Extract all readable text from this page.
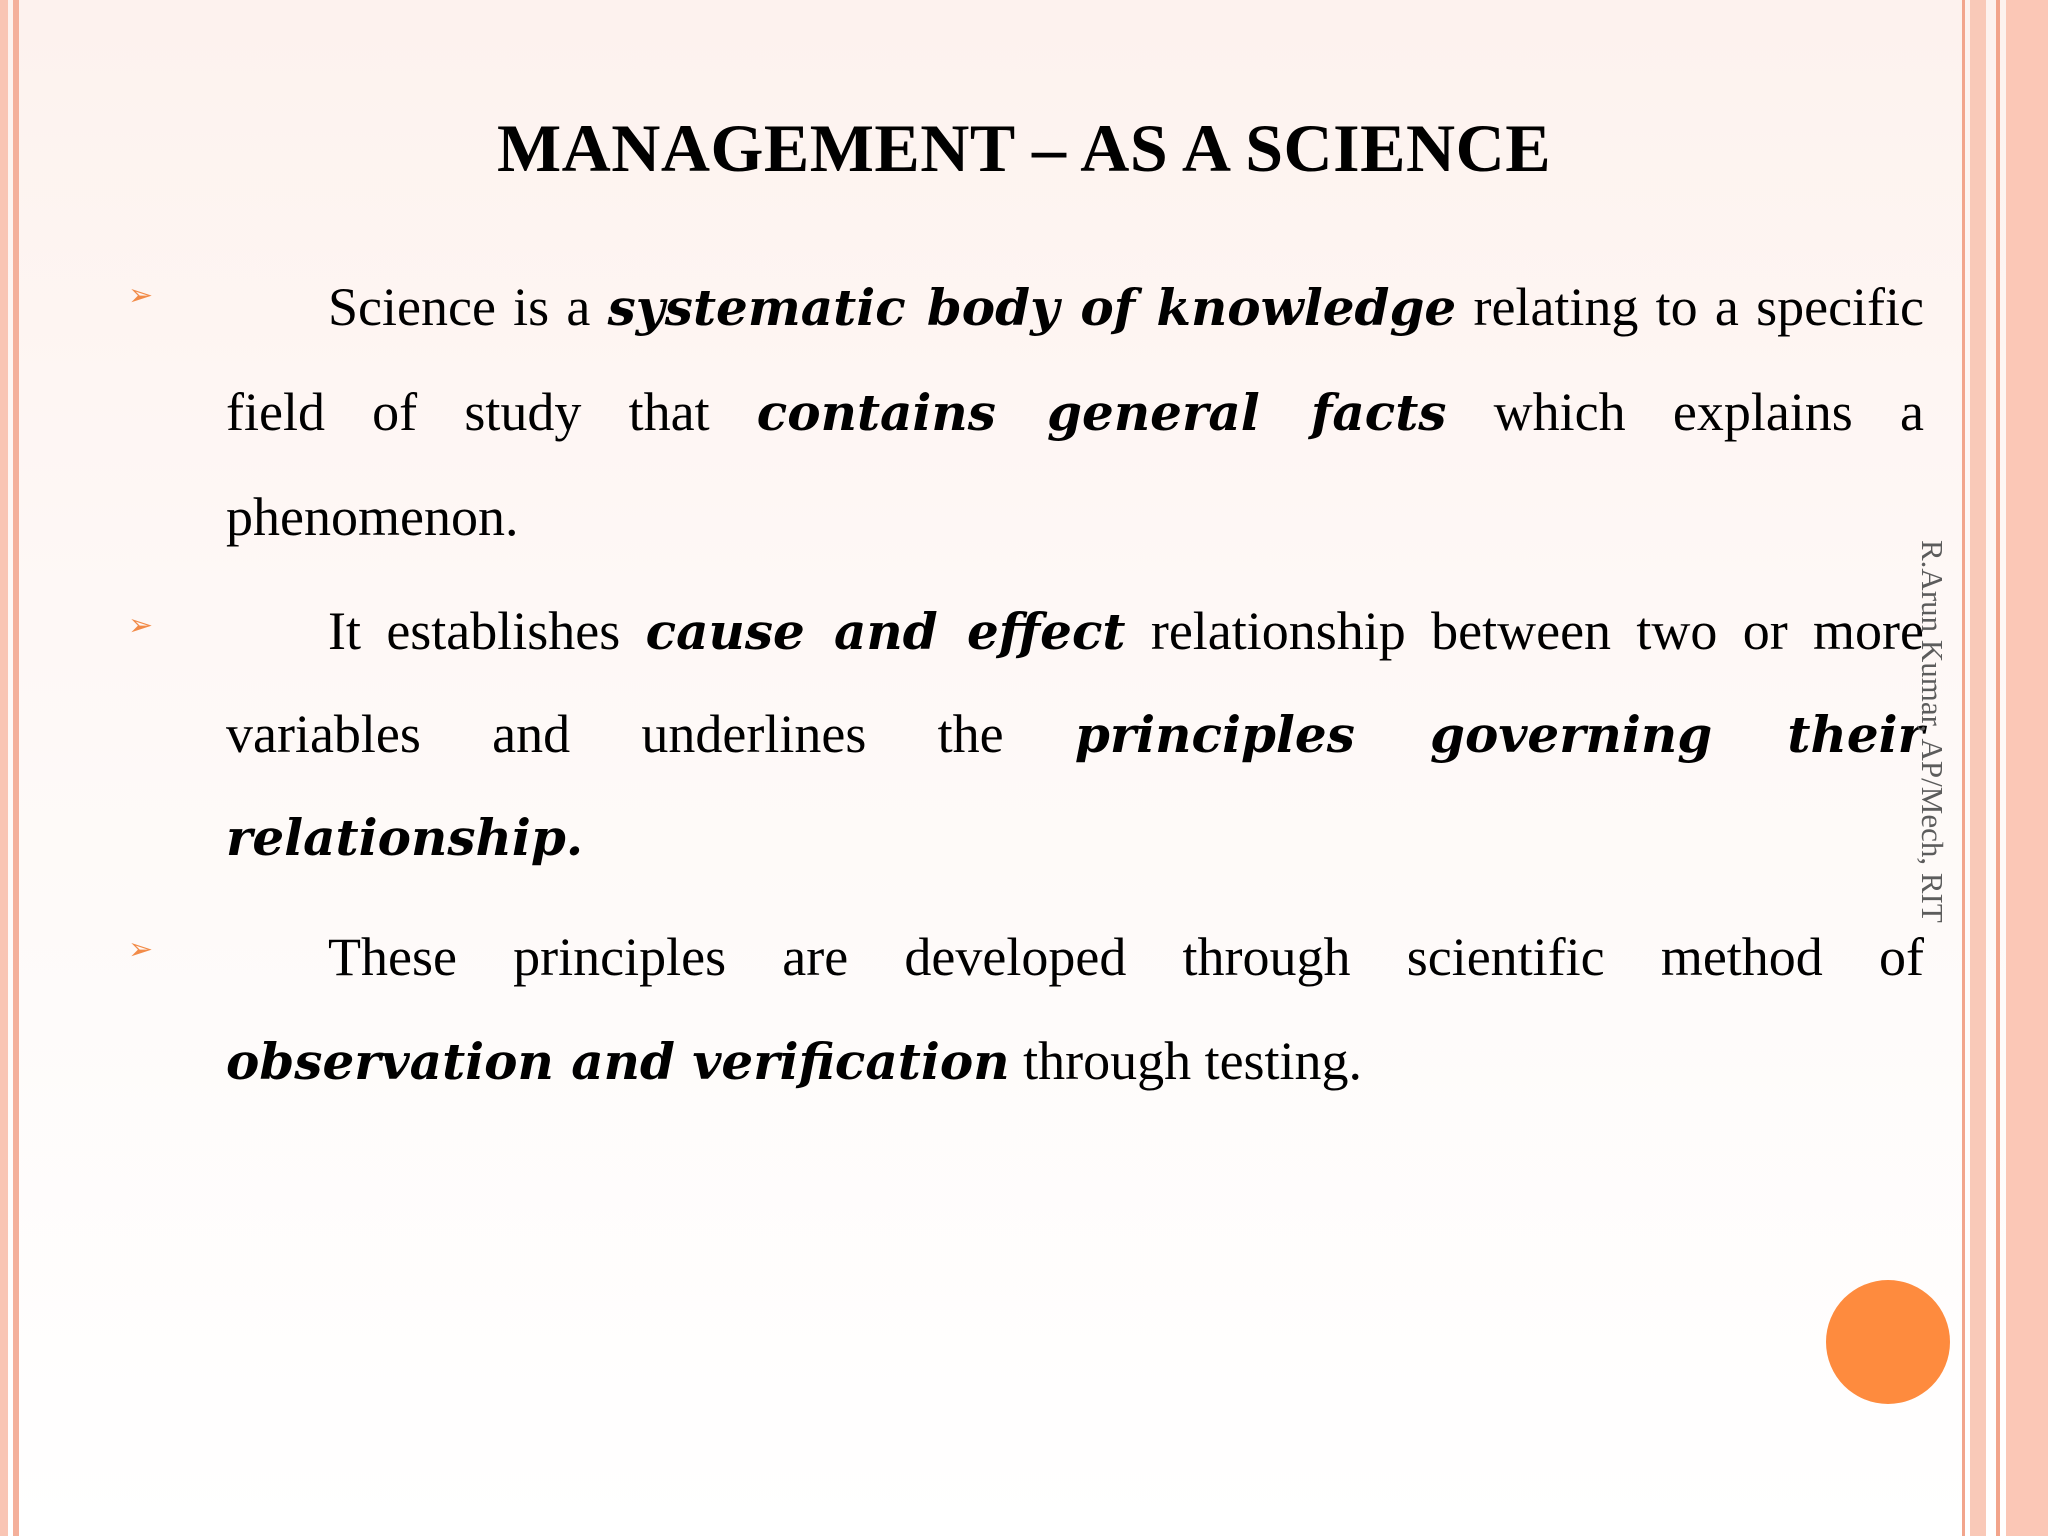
MANAGEMENT – AS A SCIENCE
➢	Science is a systematic body of knowledge relating to a specific field of study that contains general facts which explains a phenomenon.

➢	It establishes cause and effect relationship between two or more variables and underlines the principles governing their relationship.

➢	These principles are developed through scientific method of observation and verification through testing.

R.Arun Kumar, AP/Mech, RIT
